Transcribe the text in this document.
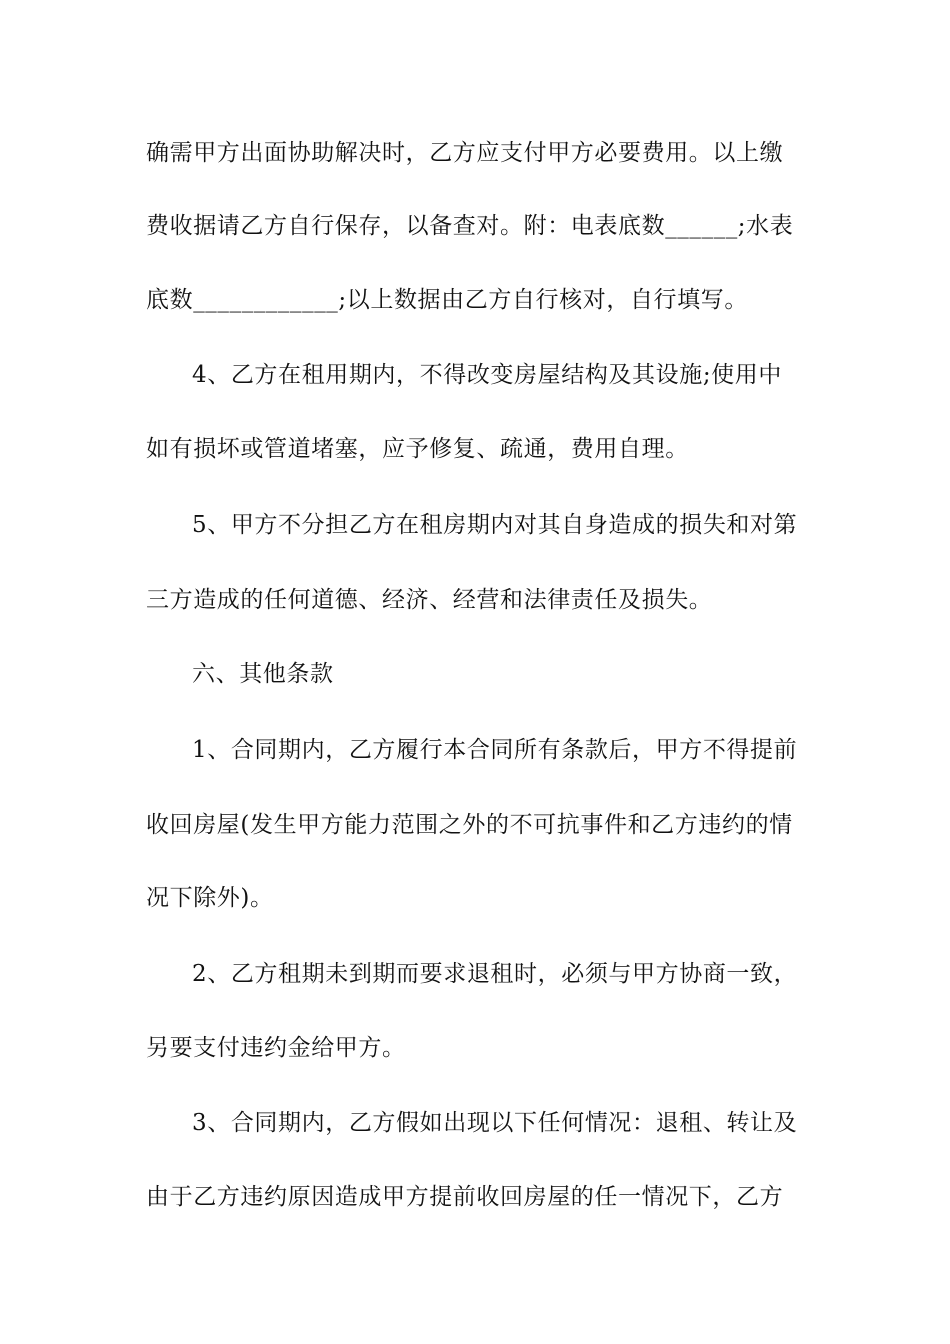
确需甲方出面协助解决时，乙方应支付甲方必要费用。以上缴
费收据请乙方自行保存，以备查对。附：电表底数______;水表
底数____________;以上数据由乙方自行核对，自行填写。
4、乙方在租用期内，不得改变房屋结构及其设施;使用中
如有损坏或管道堵塞，应予修复、疏通，费用自理。
5、甲方不分担乙方在租房期内对其自身造成的损失和对第
三方造成的任何道德、经济、经营和法律责任及损失。
六、其他条款
1、合同期内，乙方履行本合同所有条款后，甲方不得提前
收回房屋(发生甲方能力范围之外的不可抗事件和乙方违约的情
况下除外)。
2、乙方租期未到期而要求退租时，必须与甲方协商一致，
另要支付违约金给甲方。
3、合同期内，乙方假如出现以下任何情况：退租、转让及
由于乙方违约原因造成甲方提前收回房屋的任一情况下，乙方
